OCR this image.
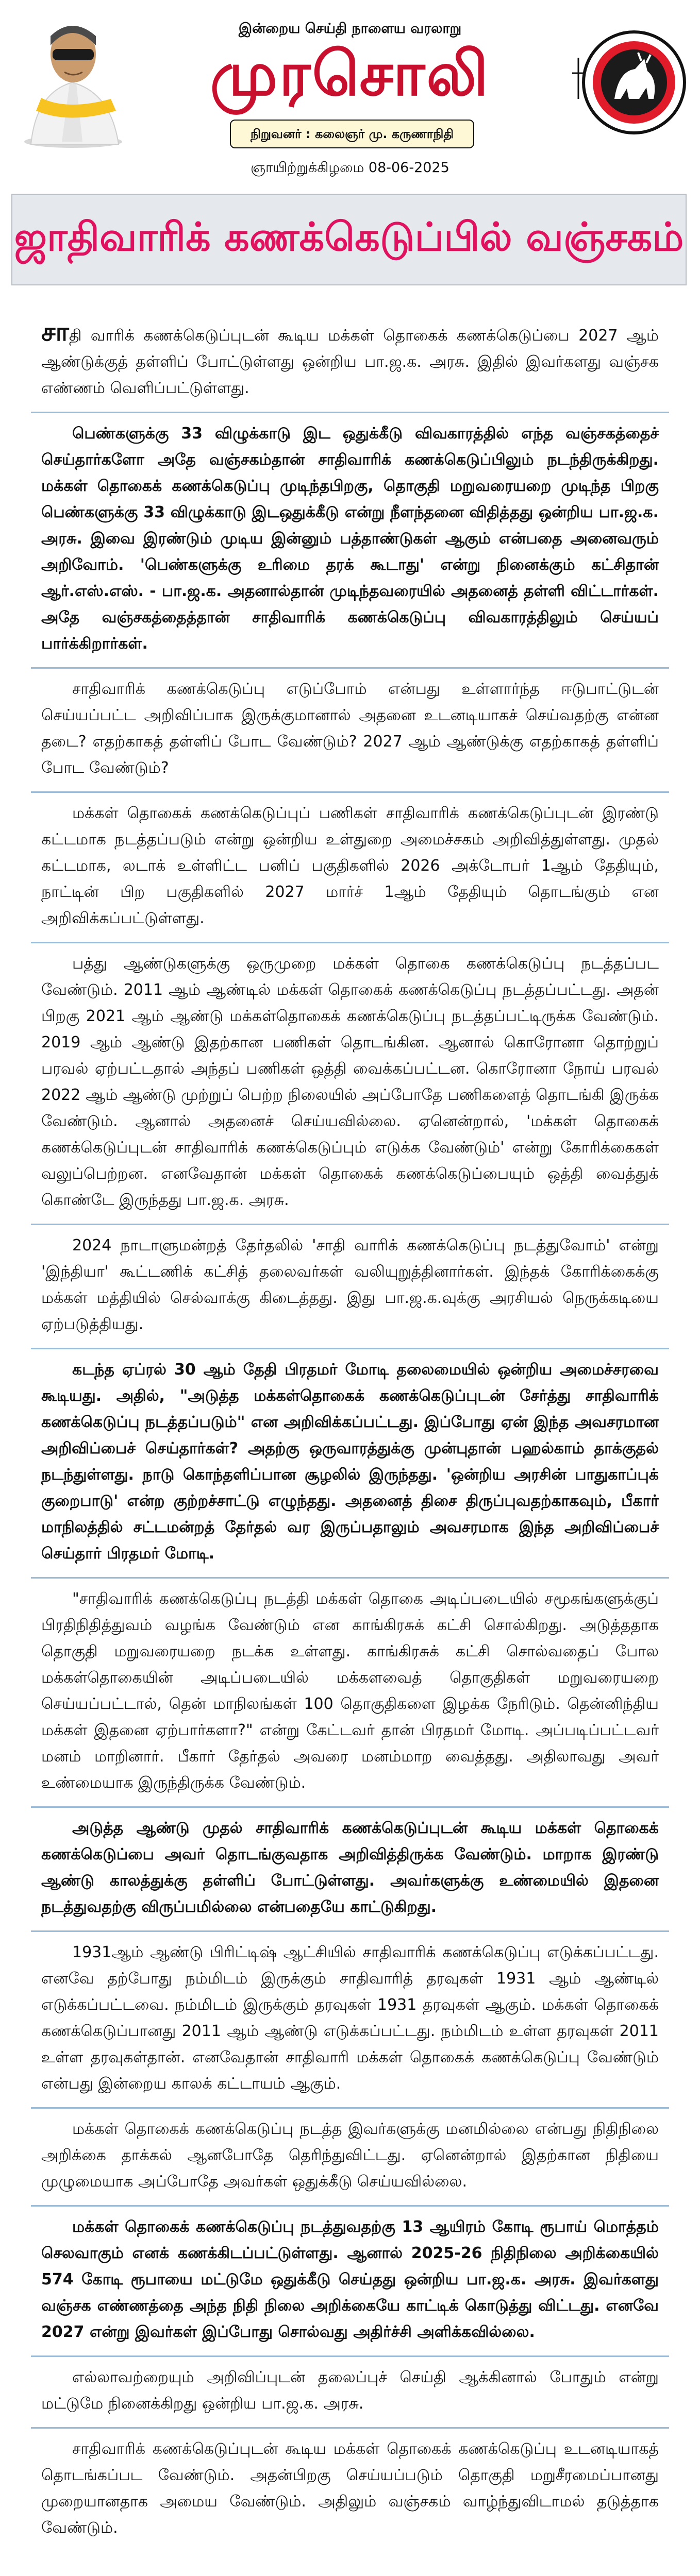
இன்றைய செய்தி நாளைய வரலாறு
முரசொலி
நிறுவனர் : கலைஞர் மு. கருணாநிதி
ஞாயிற்றுக்கிழமை 08-06-2025
ஜாதிவாரிக் கணக்கெடுப்பில் வஞ்சகம்

சாதி வாரிக் கணக்கெடுப்புடன் கூடிய மக்கள் தொகைக் கணக்கெடுப்பை 2027 ஆம் ஆண்டுக்குத் தள்ளிப் போட்டுள்ளது ஒன்றிய பா.ஜ.க. அரசு. இதில் இவர்களது வஞ்சக எண்ணம் வெளிப்பட்டுள்ளது.

பெண்களுக்கு 33 விழுக்காடு இட ஒதுக்கீடு விவகாரத்தில் எந்த வஞ்சகத்தைச் செய்தார்களோ அதே வஞ்சகம்தான் சாதிவாரிக் கணக்கெடுப்பிலும் நடந்திருக்கிறது. மக்கள் தொகைக் கணக்கெடுப்பு முடிந்தபிறகு, தொகுதி மறுவரையறை முடிந்த பிறகு பெண்களுக்கு 33 விழுக்காடு இடஒதுக்கீடு என்று நீளந்தனை விதித்தது ஒன்றிய பா.ஜ.க. அரசு. இவை இரண்டும் முடிய இன்னும் பத்தாண்டுகள் ஆகும் என்பதை அனைவரும் அறிவோம். 'பெண்களுக்கு உரிமை தரக் கூடாது' என்று நினைக்கும் கட்சிதான் ஆர்.எஸ்.எஸ். - பா.ஜ.க. அதனால்தான் முடிந்தவரையில் அதனைத் தள்ளி விட்டார்கள். அதே வஞ்சகத்தைத்தான் சாதிவாரிக் கணக்கெடுப்பு விவகாரத்திலும் செய்யப் பார்க்கிறார்கள்.

சாதிவாரிக் கணக்கெடுப்பு எடுப்போம் என்பது உள்ளார்ந்த ஈடுபாட்டுடன் செய்யப்பட்ட அறிவிப்பாக இருக்குமானால் அதனை உடனடியாகச் செய்வதற்கு என்ன தடை? எதற்காகத் தள்ளிப் போட வேண்டும்? 2027 ஆம் ஆண்டுக்கு எதற்காகத் தள்ளிப் போட வேண்டும்?

மக்கள் தொகைக் கணக்கெடுப்புப் பணிகள் சாதிவாரிக் கணக்கெடுப்புடன் இரண்டு கட்டமாக நடத்தப்படும் என்று ஒன்றிய உள்துறை அமைச்சகம் அறிவித்துள்ளது. முதல் கட்டமாக, லடாக் உள்ளிட்ட பனிப் பகுதிகளில் 2026 அக்டோபர் 1ஆம் தேதியும், நாட்டின் பிற பகுதிகளில் 2027 மார்ச் 1ஆம் தேதியும் தொடங்கும் என அறிவிக்கப்பட்டுள்ளது.

பத்து ஆண்டுகளுக்கு ஒருமுறை மக்கள் தொகை கணக்கெடுப்பு நடத்தப்பட வேண்டும். 2011 ஆம் ஆண்டில் மக்கள் தொகைக் கணக்கெடுப்பு நடத்தப்பட்டது. அதன் பிறகு 2021 ஆம் ஆண்டு மக்கள்தொகைக் கணக்கெடுப்பு நடத்தப்பட்டிருக்க வேண்டும். 2019 ஆம் ஆண்டு இதற்கான பணிகள் தொடங்கின. ஆனால் கொரோனா தொற்றுப் பரவல் ஏற்பட்டதால் அந்தப் பணிகள் ஒத்தி வைக்கப்பட்டன. கொரோனா நோய் பரவல் 2022 ஆம் ஆண்டு முற்றுப் பெற்ற நிலையில் அப்போதே பணிகளைத் தொடங்கி இருக்க வேண்டும். ஆனால் அதனைச் செய்யவில்லை. ஏனென்றால், 'மக்கள் தொகைக் கணக்கெடுப்புடன் சாதிவாரிக் கணக்கெடுப்பும் எடுக்க வேண்டும்' என்று கோரிக்கைகள் வலுப்பெற்றன. எனவேதான் மக்கள் தொகைக் கணக்கெடுப்பையும் ஒத்தி வைத்துக் கொண்டே இருந்தது பா.ஜ.க. அரசு.

2024 நாடாளுமன்றத் தேர்தலில் 'சாதி வாரிக் கணக்கெடுப்பு நடத்துவோம்' என்று 'இந்தியா' கூட்டணிக் கட்சித் தலைவர்கள் வலியுறுத்தினார்கள். இந்தக் கோரிக்கைக்கு மக்கள் மத்தியில் செல்வாக்கு கிடைத்தது. இது பா.ஜ.க.வுக்கு அரசியல் நெருக்கடியை ஏற்படுத்தியது.

கடந்த ஏப்ரல் 30 ஆம் தேதி பிரதமர் மோடி தலைமையில் ஒன்றிய அமைச்சரவை கூடியது. அதில், "அடுத்த மக்கள்தொகைக் கணக்கெடுப்புடன் சேர்த்து சாதிவாரிக் கணக்கெடுப்பு நடத்தப்படும்" என அறிவிக்கப்பட்டது. இப்போது ஏன் இந்த அவசரமான அறிவிப்பைச் செய்தார்கள்? அதற்கு ஒருவாரத்துக்கு முன்புதான் பஹல்காம் தாக்குதல் நடந்துள்ளது. நாடு கொந்தளிப்பான சூழலில் இருந்தது. 'ஒன்றிய அரசின் பாதுகாப்புக் குறைபாடு' என்ற குற்றச்சாட்டு எழுந்தது. அதனைத் திசை திருப்புவதற்காகவும், பீகார் மாநிலத்தில் சட்டமன்றத் தேர்தல் வர இருப்பதாலும் அவசரமாக இந்த அறிவிப்பைச் செய்தார் பிரதமர் மோடி.

"சாதிவாரிக் கணக்கெடுப்பு நடத்தி மக்கள் தொகை அடிப்படையில் சமூகங்களுக்குப் பிரதிநிதித்துவம் வழங்க வேண்டும் என காங்கிரசுக் கட்சி சொல்கிறது. அடுத்ததாக தொகுதி மறுவரையறை நடக்க உள்ளது. காங்கிரசுக் கட்சி சொல்வதைப் போல மக்கள்தொகையின் அடிப்படையில் மக்களவைத் தொகுதிகள் மறுவரையறை செய்யப்பட்டால், தென் மாநிலங்கள் 100 தொகுதிகளை இழக்க நேரிடும். தென்னிந்திய மக்கள் இதனை ஏற்பார்களா?" என்று கேட்டவர் தான் பிரதமர் மோடி. அப்படிப்பட்டவர் மனம் மாறினார். பீகார் தேர்தல் அவரை மனம்மாற வைத்தது. அதிலாவது அவர் உண்மையாக இருந்திருக்க வேண்டும்.

அடுத்த ஆண்டு முதல் சாதிவாரிக் கணக்கெடுப்புடன் கூடிய மக்கள் தொகைக் கணக்கெடுப்பை அவர் தொடங்குவதாக அறிவித்திருக்க வேண்டும். மாறாக இரண்டு ஆண்டு காலத்துக்கு தள்ளிப் போட்டுள்ளது. அவர்களுக்கு உண்மையில் இதனை நடத்துவதற்கு விருப்பமில்லை என்பதையே காட்டுகிறது.

1931ஆம் ஆண்டு பிரிட்டிஷ் ஆட்சியில் சாதிவாரிக் கணக்கெடுப்பு எடுக்கப்பட்டது. எனவே தற்போது நம்மிடம் இருக்கும் சாதிவாரித் தரவுகள் 1931 ஆம் ஆண்டில் எடுக்கப்பட்டவை. நம்மிடம் இருக்கும் தரவுகள் 1931 தரவுகள் ஆகும். மக்கள் தொகைக் கணக்கெடுப்பானது 2011 ஆம் ஆண்டு எடுக்கப்பட்டது. நம்மிடம் உள்ள தரவுகள் 2011 உள்ள தரவுகள்தான். எனவேதான் சாதிவாரி மக்கள் தொகைக் கணக்கெடுப்பு வேண்டும் என்பது இன்றைய காலக் கட்டாயம் ஆகும்.

மக்கள் தொகைக் கணக்கெடுப்பு நடத்த இவர்களுக்கு மனமில்லை என்பது நிதிநிலை அறிக்கை தாக்கல் ஆனபோதே தெரிந்துவிட்டது. ஏனென்றால் இதற்கான நிதியை முழுமையாக அப்போதே அவர்கள் ஒதுக்கீடு செய்யவில்லை.

மக்கள் தொகைக் கணக்கெடுப்பு நடத்துவதற்கு 13 ஆயிரம் கோடி ரூபாய் மொத்தம் செலவாகும் எனக் கணக்கிடப்பட்டுள்ளது. ஆனால் 2025-26 நிதிநிலை அறிக்கையில் 574 கோடி ரூபாயை மட்டுமே ஒதுக்கீடு செய்தது ஒன்றிய பா.ஜ.க. அரசு. இவர்களது வஞ்சக எண்ணத்தை அந்த நிதி நிலை அறிக்கையே காட்டிக் கொடுத்து விட்டது. எனவே 2027 என்று இவர்கள் இப்போது சொல்வது அதிர்ச்சி அளிக்கவில்லை.

எல்லாவற்றையும் அறிவிப்புடன் தலைப்புச் செய்தி ஆக்கினால் போதும் என்று மட்டுமே நினைக்கிறது ஒன்றிய பா.ஜ.க. அரசு.

சாதிவாரிக் கணக்கெடுப்புடன் கூடிய மக்கள் தொகைக் கணக்கெடுப்பு உடனடியாகத் தொடங்கப்பட வேண்டும். அதன்பிறகு செய்யப்படும் தொகுதி மறுசீரமைப்பானது முறையானதாக அமைய வேண்டும். அதிலும் வஞ்சகம் வாழ்ந்துவிடாமல் தடுத்தாக வேண்டும்.
